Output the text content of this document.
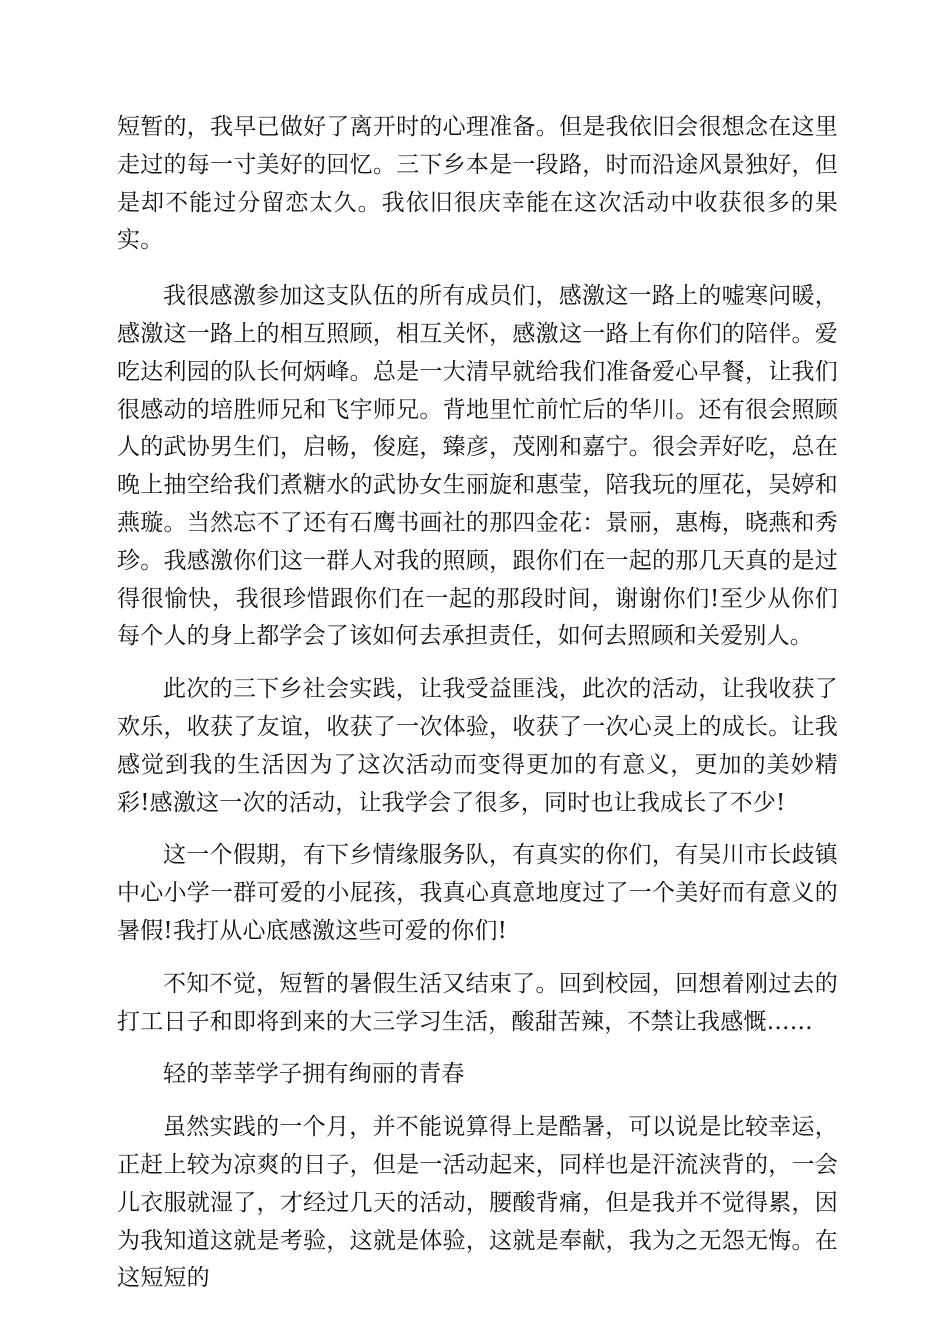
短暂的，我早已做好了离开时的心理准备。但是我依旧会很想念在这里走过的每一寸美好的回忆。三下乡本是一段路，时而沿途风景独好，但是却不能过分留恋太久。我依旧很庆幸能在这次活动中收获很多的果实。

我很感激参加这支队伍的所有成员们，感激这一路上的嘘寒问暖，感激这一路上的相互照顾，相互关怀，感激这一路上有你们的陪伴。爱吃达利园的队长何炳峰。总是一大清早就给我们准备爱心早餐，让我们很感动的培胜师兄和飞宇师兄。背地里忙前忙后的华川。还有很会照顾人的武协男生们，启畅，俊庭，臻彦，茂刚和嘉宁。很会弄好吃，总在晚上抽空给我们煮糖水的武协女生丽旋和惠莹，陪我玩的厘花，吴婷和燕璇。当然忘不了还有石鹰书画社的那四金花：景丽，惠梅，晓燕和秀珍。我感激你们这一群人对我的照顾，跟你们在一起的那几天真的是过得很愉快，我很珍惜跟你们在一起的那段时间，谢谢你们!至少从你们每个人的身上都学会了该如何去承担责任，如何去照顾和关爱别人。

此次的三下乡社会实践，让我受益匪浅，此次的活动，让我收获了欢乐，收获了友谊，收获了一次体验，收获了一次心灵上的成长。让我感觉到我的生活因为了这次活动而变得更加的有意义，更加的美妙精彩!感激这一次的活动，让我学会了很多，同时也让我成长了不少!

这一个假期，有下乡情缘服务队，有真实的你们，有吴川市长歧镇中心小学一群可爱的小屁孩，我真心真意地度过了一个美好而有意义的暑假!我打从心底感激这些可爱的你们!

不知不觉，短暂的暑假生活又结束了。回到校园，回想着刚过去的打工日子和即将到来的大三学习生活，酸甜苦辣，不禁让我感慨……

轻的莘莘学子拥有绚丽的青春

虽然实践的一个月，并不能说算得上是酷暑，可以说是比较幸运，正赶上较为凉爽的日子，但是一活动起来，同样也是汗流浃背的，一会儿衣服就湿了，才经过几天的活动，腰酸背痛，但是我并不觉得累，因为我知道这就是考验，这就是体验，这就是奉献，我为之无怨无悔。在这短短的
